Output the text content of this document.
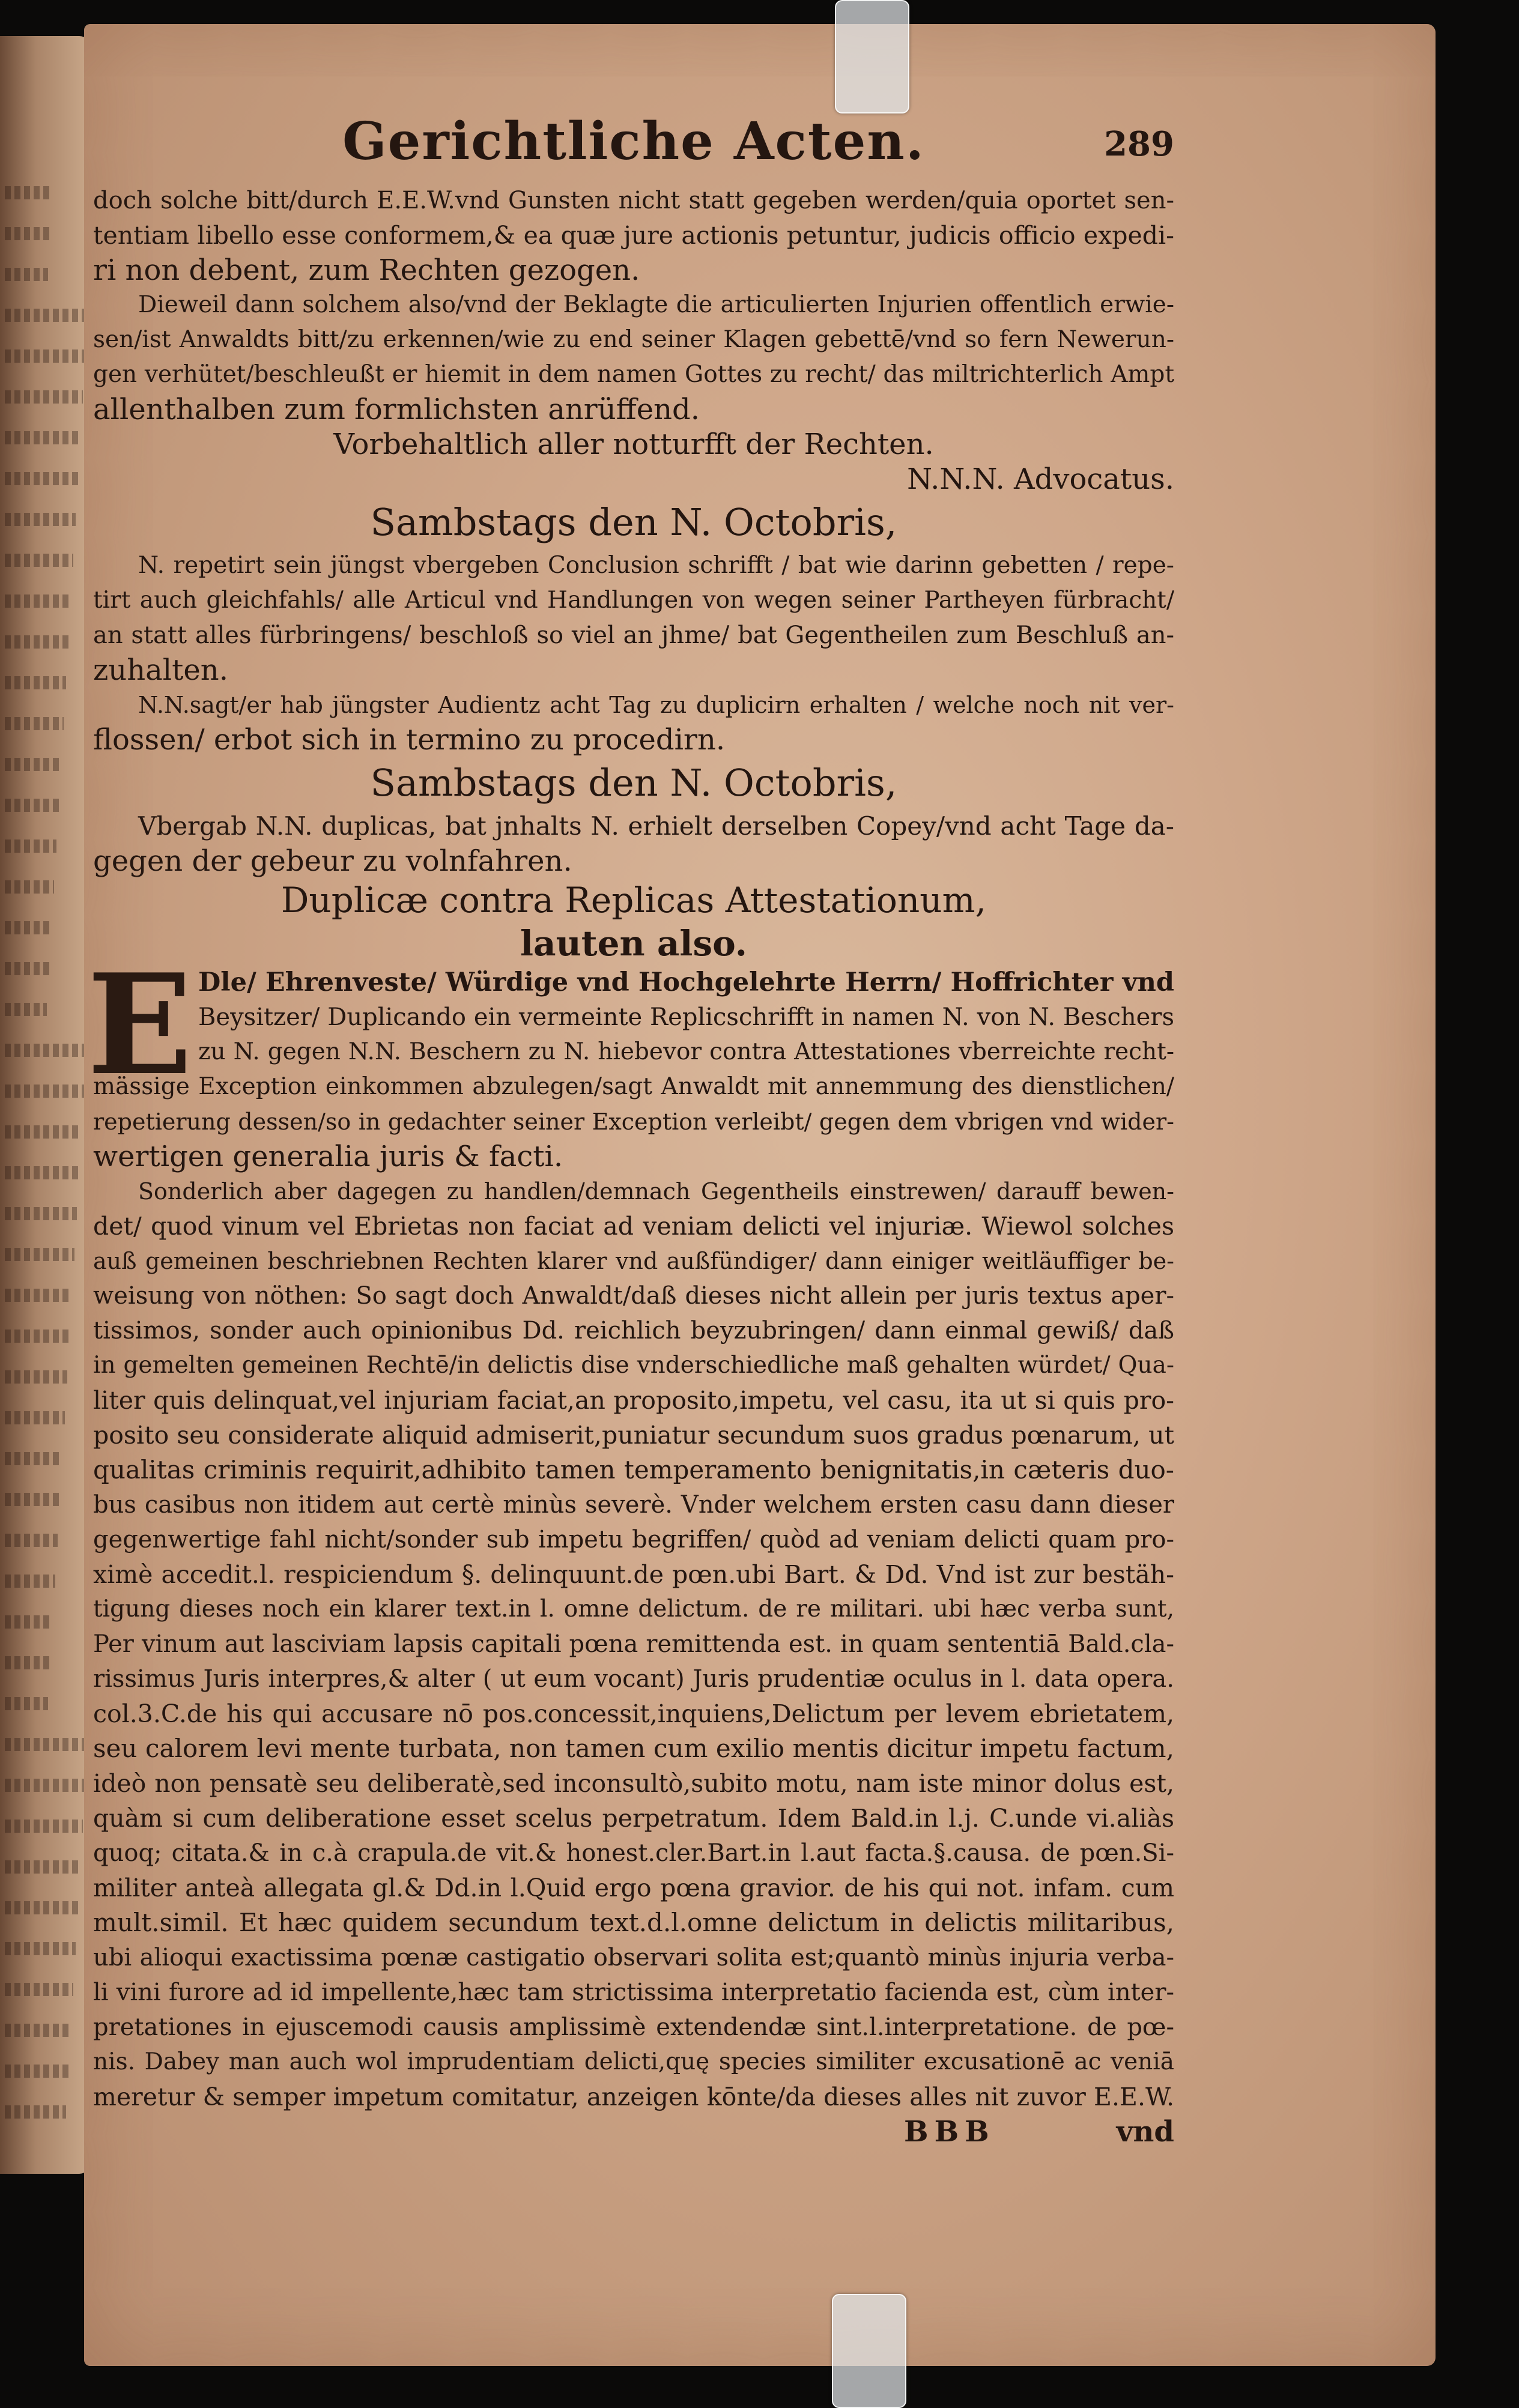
Gerichtliche Acten.	289
doch solche bitt/durch E.E.W.vnd Gunsten nicht statt gegeben werden/quia oportet sen-
tentiam libello esse conformem,& ea quæ jure actionis petuntur, judicis officio expedi-
ri non debent, zum Rechten gezogen.
Dieweil dann solchem also/vnd der Beklagte die articulierten Injurien offentlich erwie-
sen/ist Anwaldts bitt/zu erkennen/wie zu end seiner Klagen gebettē/vnd so fern Newerun-
gen verhütet/beschleußt er hiemit in dem namen Gottes zu recht/ das miltrichterlich Ampt
allenthalben zum formlichsten anrüffend.
Vorbehaltlich aller notturfft der Rechten.
N.N.N. Advocatus.
Sambstags den N. Octobris,
N. repetirt sein jüngst vbergeben Conclusion schrifft / bat wie darinn gebetten / repe-
tirt auch gleichfahls/ alle Articul vnd Handlungen von wegen seiner Partheyen fürbracht/
an statt alles fürbringens/ beschloß so viel an jhme/ bat Gegentheilen zum Beschluß an-
zuhalten.
N.N.sagt/er hab jüngster Audientz acht Tag zu duplicirn erhalten / welche noch nit ver-
flossen/ erbot sich in termino zu procedirn.
Sambstags den N. Octobris,
Vbergab N.N. duplicas, bat jnhalts N. erhielt derselben Copey/vnd acht Tage da-
gegen der gebeur zu volnfahren.
Duplicæ contra Replicas Attestationum,
lauten also.
E Dle/ Ehrenveste/ Würdige vnd Hochgelehrte Herrn/ Hoffrichter vnd
Beysitzer/ Duplicando ein vermeinte Replicschrifft in namen N. von N. Beschers
zu N. gegen N.N. Beschern zu N. hiebevor contra Attestationes vberreichte recht-
mässige Exception einkommen abzulegen/sagt Anwaldt mit annemmung des dienstlichen/
repetierung dessen/so in gedachter seiner Exception verleibt/ gegen dem vbrigen vnd wider-
wertigen generalia juris & facti.
Sonderlich aber dagegen zu handlen/demnach Gegentheils einstrewen/ darauff bewen-
det/ quod vinum vel Ebrietas non faciat ad veniam delicti vel injuriæ. Wiewol solches
auß gemeinen beschriebnen Rechten klarer vnd außfündiger/ dann einiger weitläuffiger be-
weisung von nöthen: So sagt doch Anwaldt/daß dieses nicht allein per juris textus aper-
tissimos, sonder auch opinionibus Dd. reichlich beyzubringen/ dann einmal gewiß/ daß
in gemelten gemeinen Rechtē/in delictis dise vnderschiedliche maß gehalten würdet/ Qua-
liter quis delinquat,vel injuriam faciat,an proposito,impetu, vel casu, ita ut si quis pro-
posito seu considerate aliquid admiserit,puniatur secundum suos gradus pœnarum, ut
qualitas criminis requirit,adhibito tamen temperamento benignitatis,in cæteris duo-
bus casibus non itidem aut certè minùs severè. Vnder welchem ersten casu dann dieser
gegenwertige fahl nicht/sonder sub impetu begriffen/ quòd ad veniam delicti quam pro-
ximè accedit.l. respiciendum §. delinquunt.de pœn.ubi Bart. & Dd. Vnd ist zur bestäh-
tigung dieses noch ein klarer text.in l. omne delictum. de re militari. ubi hæc verba sunt,
Per vinum aut lasciviam lapsis capitali pœna remittenda est. in quam sententiā Bald.cla-
rissimus Juris interpres,& alter ( ut eum vocant) Juris prudentiæ oculus in l. data opera.
col.3.C.de his qui accusare nō pos.concessit,inquiens,Delictum per levem ebrietatem,
seu calorem levi mente turbata, non tamen cum exilio mentis dicitur impetu factum,
ideò non pensatè seu deliberatè,sed inconsultò,subito motu, nam iste minor dolus est,
quàm si cum deliberatione esset scelus perpetratum. Idem Bald.in l.j. C.unde vi.aliàs
quoq; citata.& in c.à crapula.de vit.& honest.cler.Bart.in l.aut facta.§.causa. de pœn.Si-
militer anteà allegata gl.& Dd.in l.Quid ergo pœna gravior. de his qui not. infam. cum
mult.simil. Et hæc quidem secundum text.d.l.omne delictum in delictis militaribus,
ubi alioqui exactissima pœnæ castigatio observari solita est;quantò minùs injuria verba-
li vini furore ad id impellente,hæc tam strictissima interpretatio facienda est, cùm inter-
pretationes in ejuscemodi causis amplissimè extendendæ sint.l.interpretatione. de pœ-
nis. Dabey man auch wol imprudentiam delicti,quę species similiter excusationē ac veniā
meretur & semper impetum comitatur, anzeigen kōnte/da dieses alles nit zuvor E.E.W.
BBB	vnd
